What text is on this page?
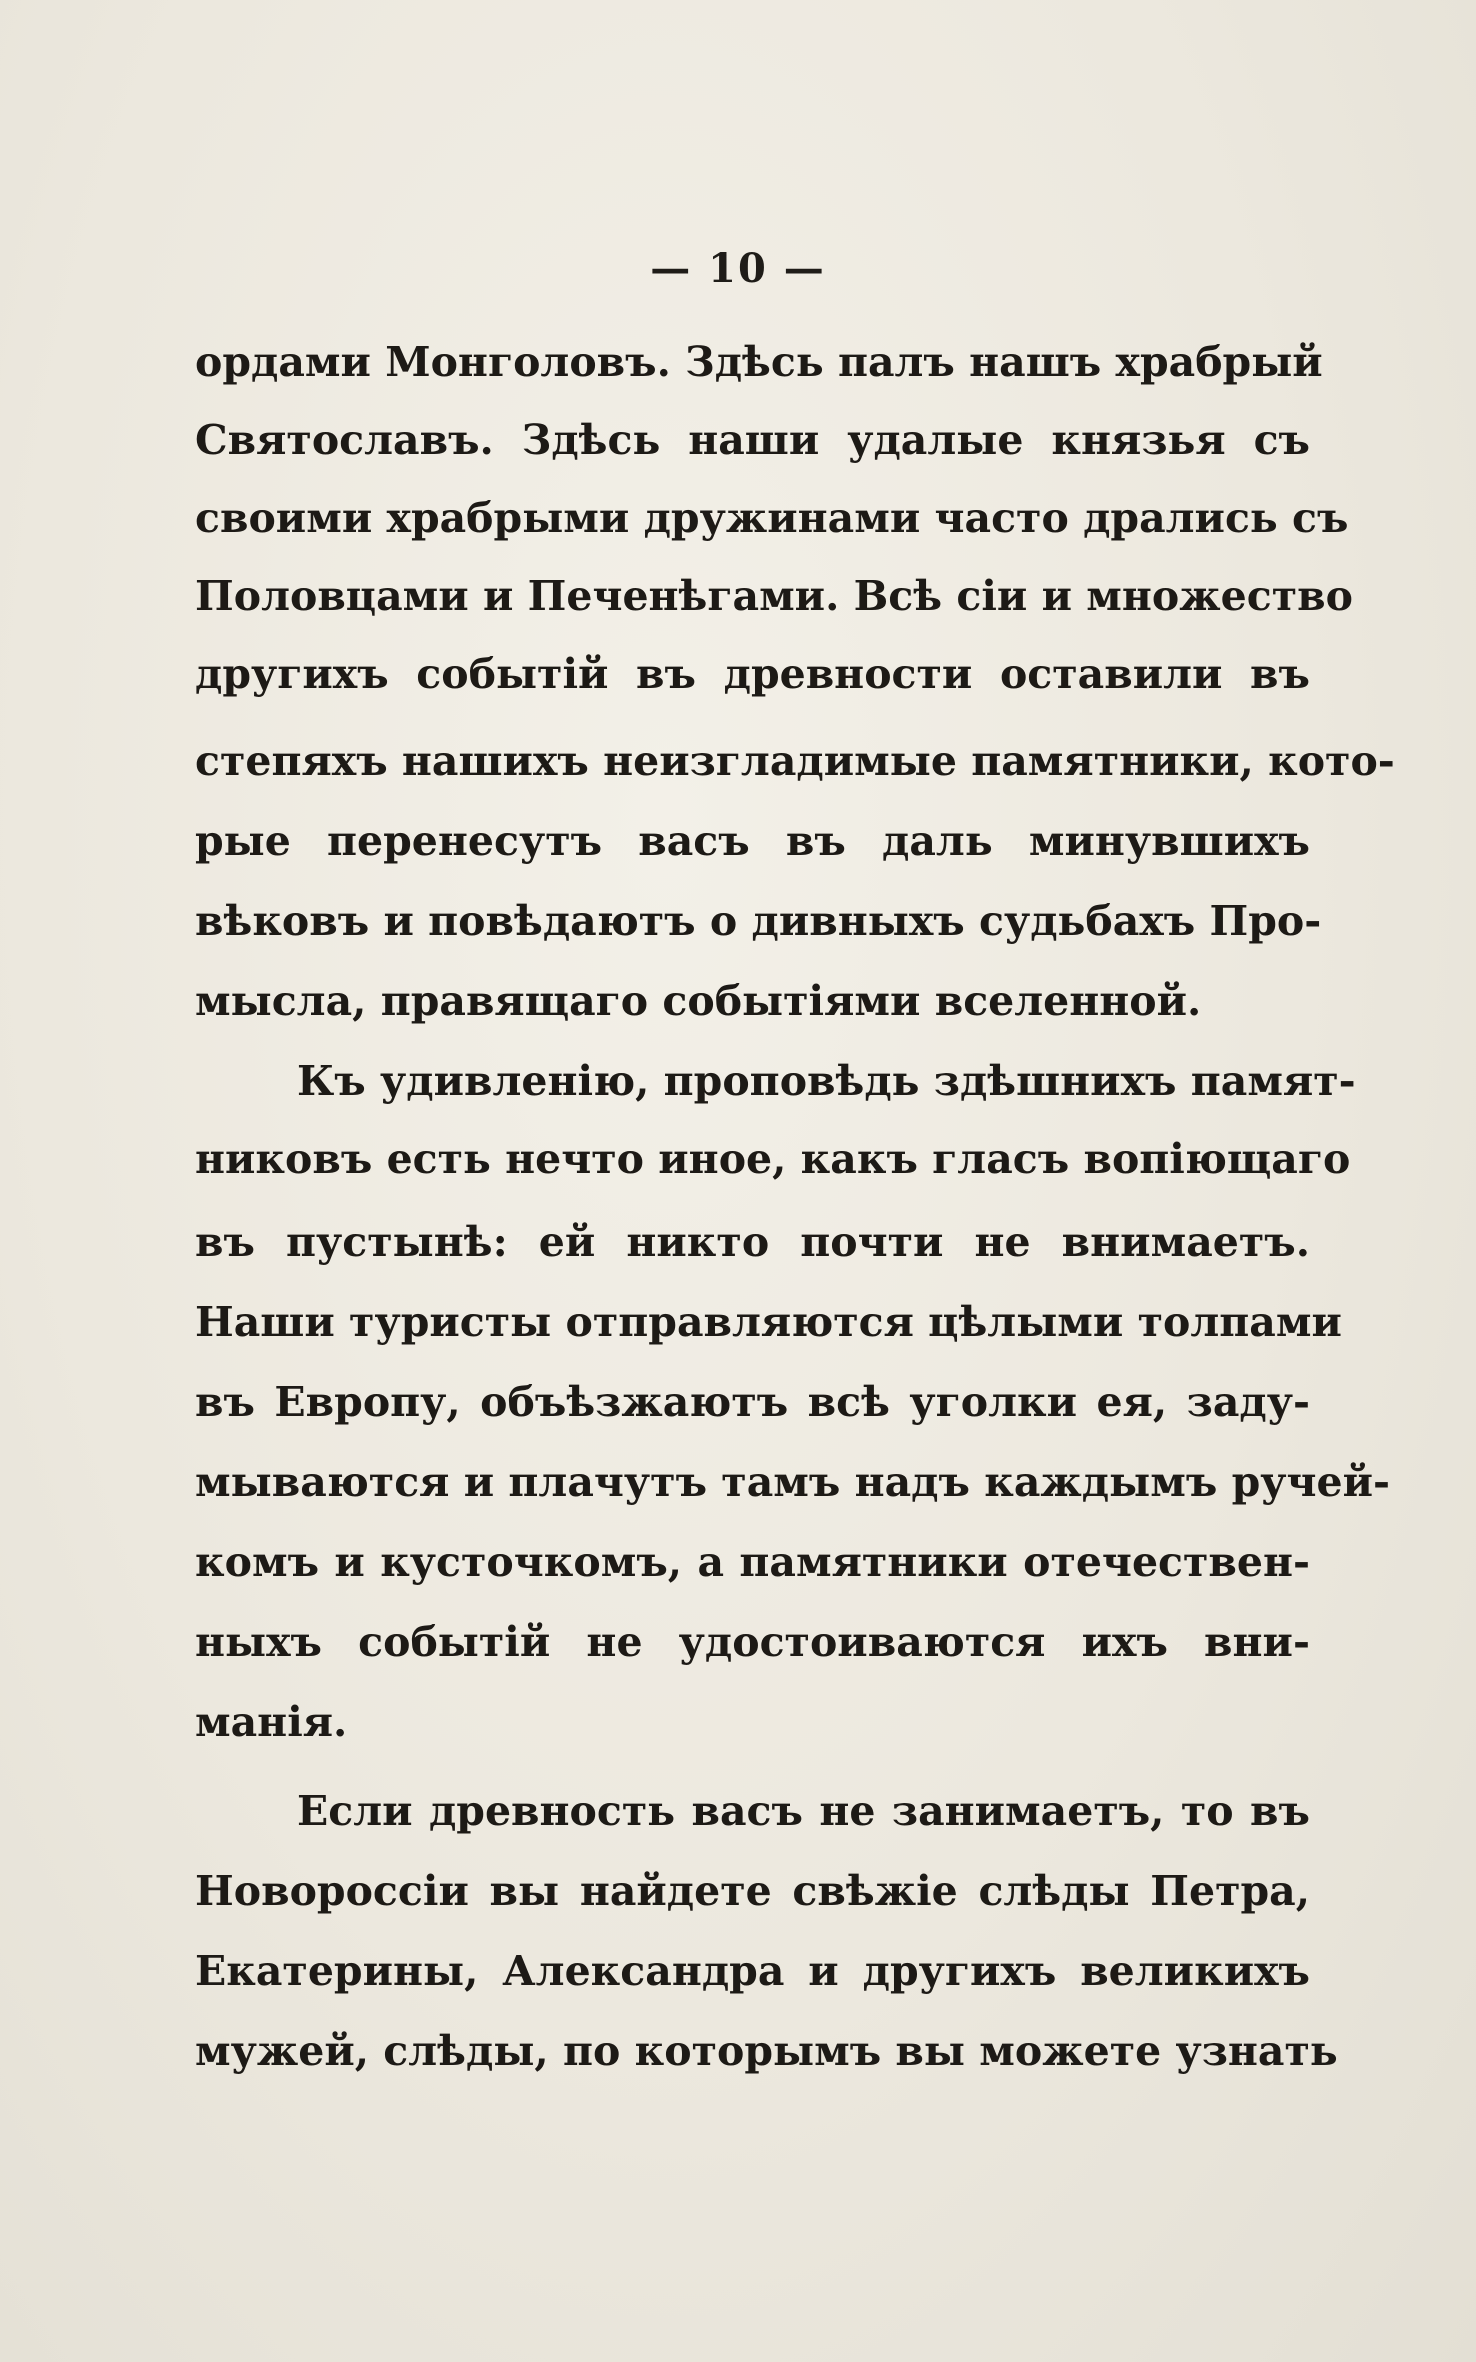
— 10 —
ордами Монголовъ. Здѣсь палъ нашъ храбрый
Святославъ. Здѣсь наши удалые князья съ
своими храбрыми дружинами часто дрались съ
Половцами и Печенѣгами. Всѣ сіи и множество
другихъ событій въ древности оставили въ
степяхъ нашихъ неизгладимые памятники, кото-
рые перенесутъ васъ въ даль минувшихъ
вѣковъ и повѣдаютъ о дивныхъ судьбахъ Про-
мысла, правящаго событіями вселенной.
Къ удивленію, проповѣдь здѣшнихъ памят-
никовъ есть нечто иное, какъ гласъ вопіющаго
въ пустынѣ: ей никто почти не внимаетъ.
Наши туристы отправляются цѣлыми толпами
въ Европу, объѣзжаютъ всѣ уголки ея, заду-
мываются и плачутъ тамъ надъ каждымъ ручей-
комъ и кусточкомъ, а памятники отечествен-
ныхъ событій не удостоиваются ихъ вни-
манія.
Если древность васъ не занимаетъ, то въ
Новороссіи вы найдете свѣжіе слѣды Петра,
Екатерины, Александра и другихъ великихъ
мужей, слѣды, по которымъ вы можете узнать
